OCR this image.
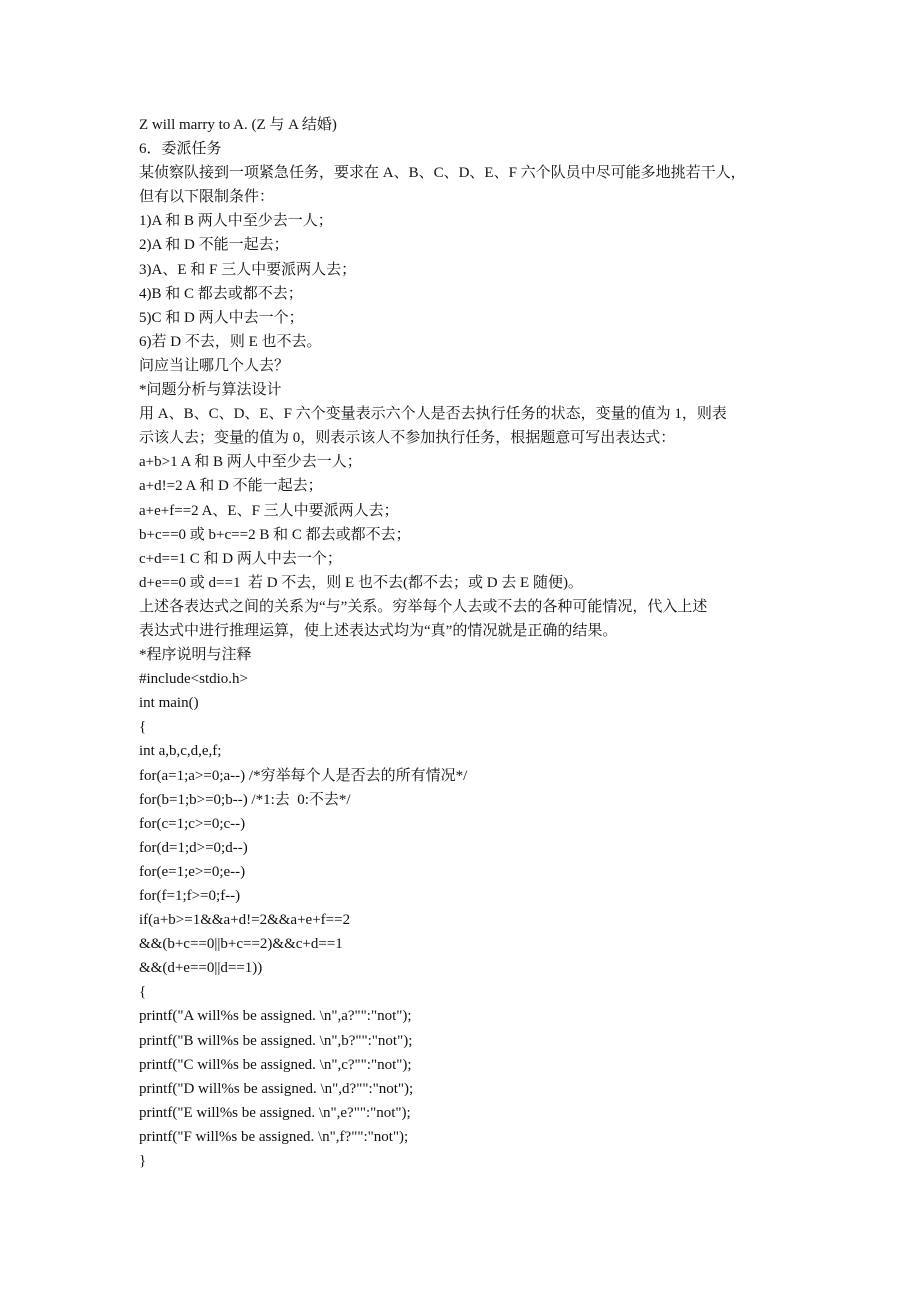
Z will marry to A. (Z 与 A 结婚)
6．委派任务
某侦察队接到一项紧急任务，要求在 A、B、C、D、E、F 六个队员中尽可能多地挑若干人，
但有以下限制条件：
1)A 和 B 两人中至少去一人；
2)A 和 D 不能一起去；
3)A、E 和 F 三人中要派两人去；
4)B 和 C 都去或都不去；
5)C 和 D 两人中去一个；
6)若 D 不去，则 E 也不去。
问应当让哪几个人去？
*问题分析与算法设计
用 A、B、C、D、E、F 六个变量表示六个人是否去执行任务的状态，变量的值为 1，则表
示该人去；变量的值为 0，则表示该人不参加执行任务，根据题意可写出表达式：
a+b>1 A 和 B 两人中至少去一人；
a+d!=2 A 和 D 不能一起去；
a+e+f==2 A、E、F 三人中要派两人去；
b+c==0 或 b+c==2 B 和 C 都去或都不去；
c+d==1 C 和 D 两人中去一个；
d+e==0 或 d==1  若 D 不去，则 E 也不去(都不去；或 D 去 E 随便)。
上述各表达式之间的关系为“与”关系。穷举每个人去或不去的各种可能情况，代入上述
表达式中进行推理运算，使上述表达式均为“真”的情况就是正确的结果。
*程序说明与注释
#include<stdio.h>
int main()
{
int a,b,c,d,e,f;
for(a=1;a>=0;a--) /*穷举每个人是否去的所有情况*/
for(b=1;b>=0;b--) /*1:去  0:不去*/
for(c=1;c>=0;c--)
for(d=1;d>=0;d--)
for(e=1;e>=0;e--)
for(f=1;f>=0;f--)
if(a+b>=1&&a+d!=2&&a+e+f==2
&&(b+c==0||b+c==2)&&c+d==1
&&(d+e==0||d==1))
{
printf("A will%s be assigned. \n",a?"":"not");
printf("B will%s be assigned. \n",b?"":"not");
printf("C will%s be assigned. \n",c?"":"not");
printf("D will%s be assigned. \n",d?"":"not");
printf("E will%s be assigned. \n",e?"":"not");
printf("F will%s be assigned. \n",f?"":"not");
}
